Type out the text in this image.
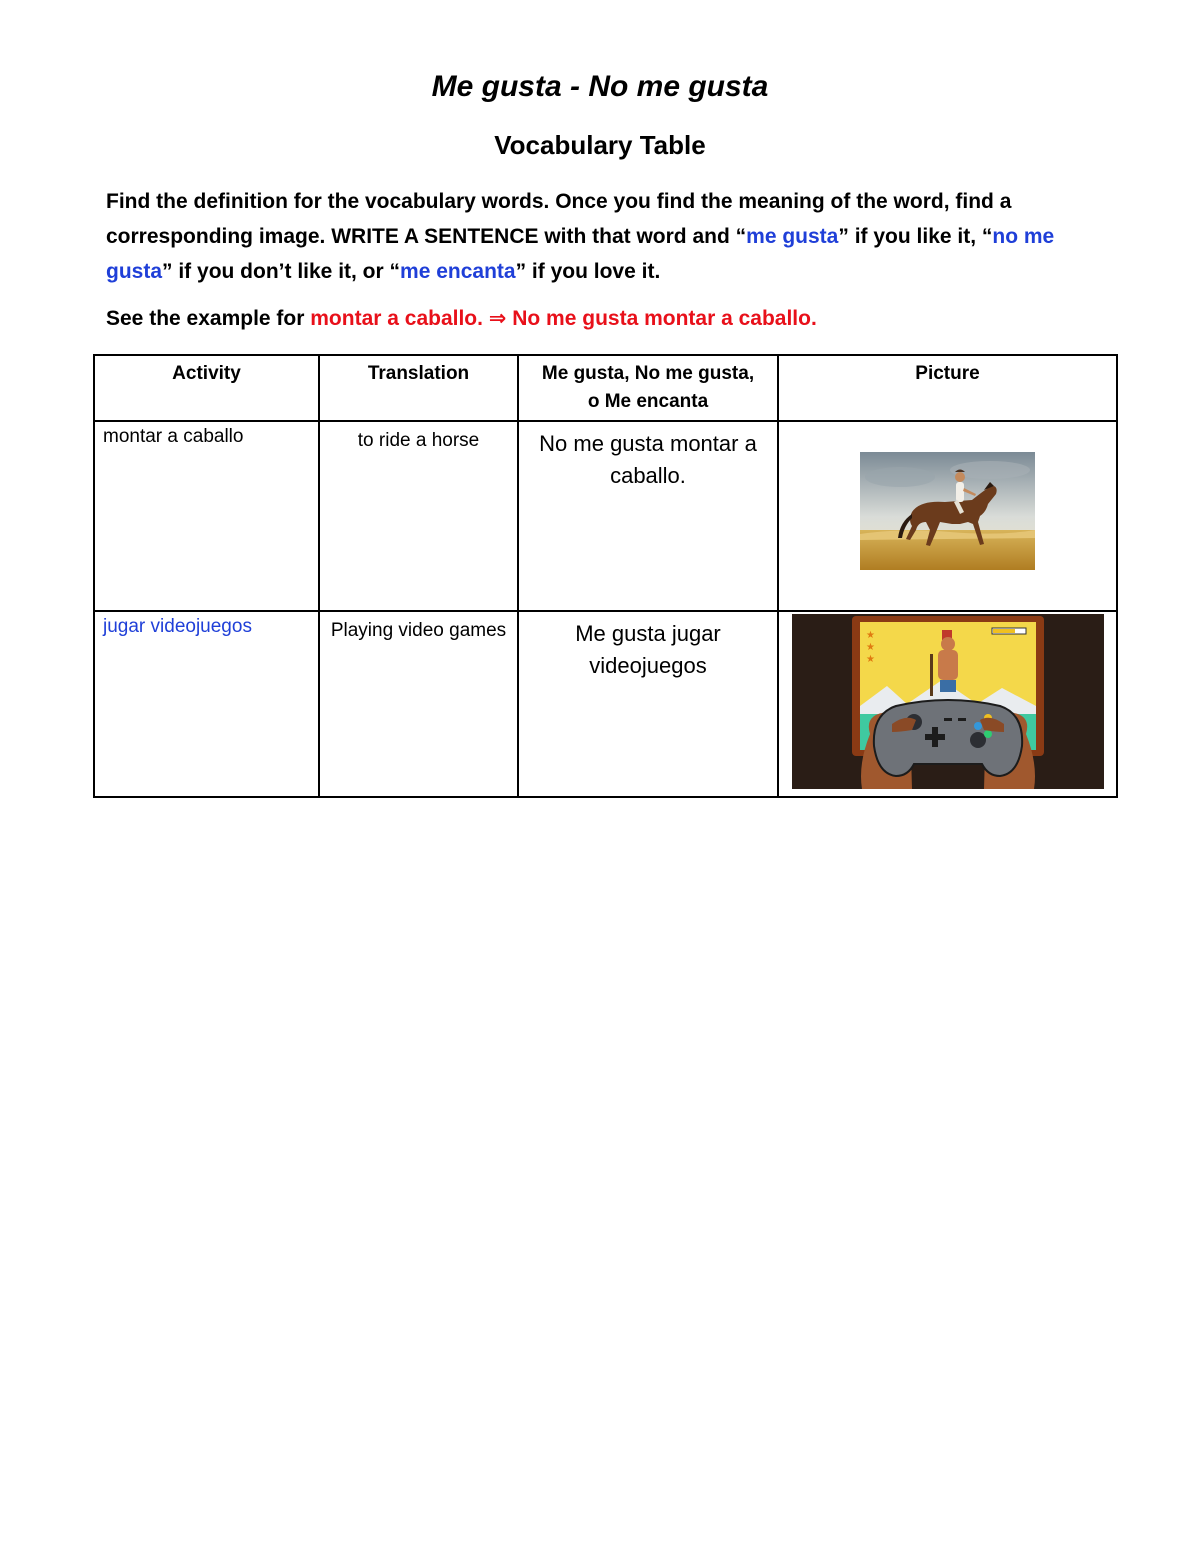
Me gusta - No me gusta
Vocabulary Table

Find the definition for the vocabulary words. Once you find the meaning of the word, find a corresponding image. WRITE A SENTENCE with that word and “me gusta” if you like it, “no me gusta” if you don’t like it, or “me encanta” if you love it.

See the example for montar a caballo. ⇒ No me gusta montar a caballo.

Activity	Translation	Me gusta, No me gusta,
o Me encanta	Picture
montar a caballo	to ride a horse	No me gusta montar a caballo.	

jugar videojuegos	Playing video games	Me gusta jugar videojuegos	★
★
★
